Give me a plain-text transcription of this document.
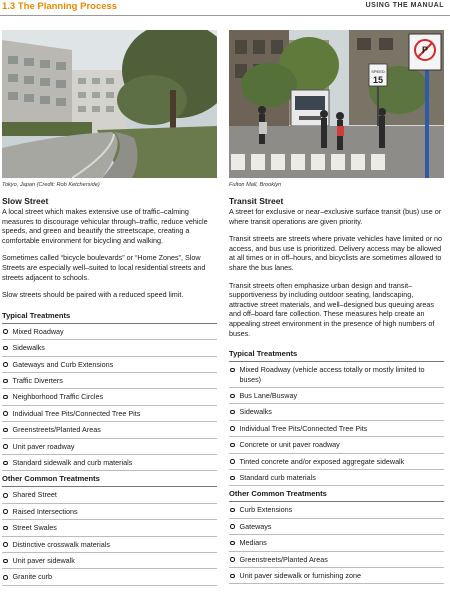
1.3 The Planning Process	USING THE MANUAL
Tokyo, Japan (Credit: Rob Ketcherside)
Slow Street
A local street which makes extensive use of traffic–calming measures to discourage vehicular through–traffic, reduce vehicle speeds, and green and beautify the streetscape, creating a comfortable environment for bicycling and walking.
Sometimes called “bicycle boulevards” or “Home Zones”, Slow Streets are especially well–suited to local residential streets and streets adjacent to schools.
Slow streets should be paired with a reduced speed limit.
Typical Treatments
Mixed Roadway
Sidewalks
Gateways and Curb Extensions
Traffic Diverters
Neighborhood Traffic Circles
Individual Tree Pits/Connected Tree Pits
Greenstreets/Planted Areas
Unit paver roadway
Standard sidewalk and curb materials
Other Common Treatments
Shared Street
Raised Intersections
Street Swales
Distinctive crosswalk materials
Unit paver sidewalk
Granite curb
P
SPEED
15
Fulton Mall, Brooklyn
Transit Street
A street for exclusive or near–exclusive surface transit (bus) use or where transit operations are given priority.
Transit streets are streets where private vehicles have limited or no access, and bus use is prioritized. Delivery access may be allowed at all times or in off–hours, and bicyclists are sometimes allowed to share the bus lanes.
Transit streets often emphasize urban design and transit–supportiveness by including outdoor seating, landscaping, attractive street materials, and well–designed bus queuing areas and off–board fare collection. These measures help create an appealing street environment in the presence of high numbers of buses.
Typical Treatments
Mixed Roadway (vehicle access totally or mostly limited to buses)
Bus Lane/Busway
Sidewalks
Individual Tree Pits/Connected Tree Pits
Concrete or unit paver roadway
Tinted concrete and/or exposed aggregate sidewalk
Standard curb materials
Other Common Treatments
Curb Extensions
Gateways
Medians
Greenstreets/Planted Areas
Unit paver sidewalk or furnishing zone
